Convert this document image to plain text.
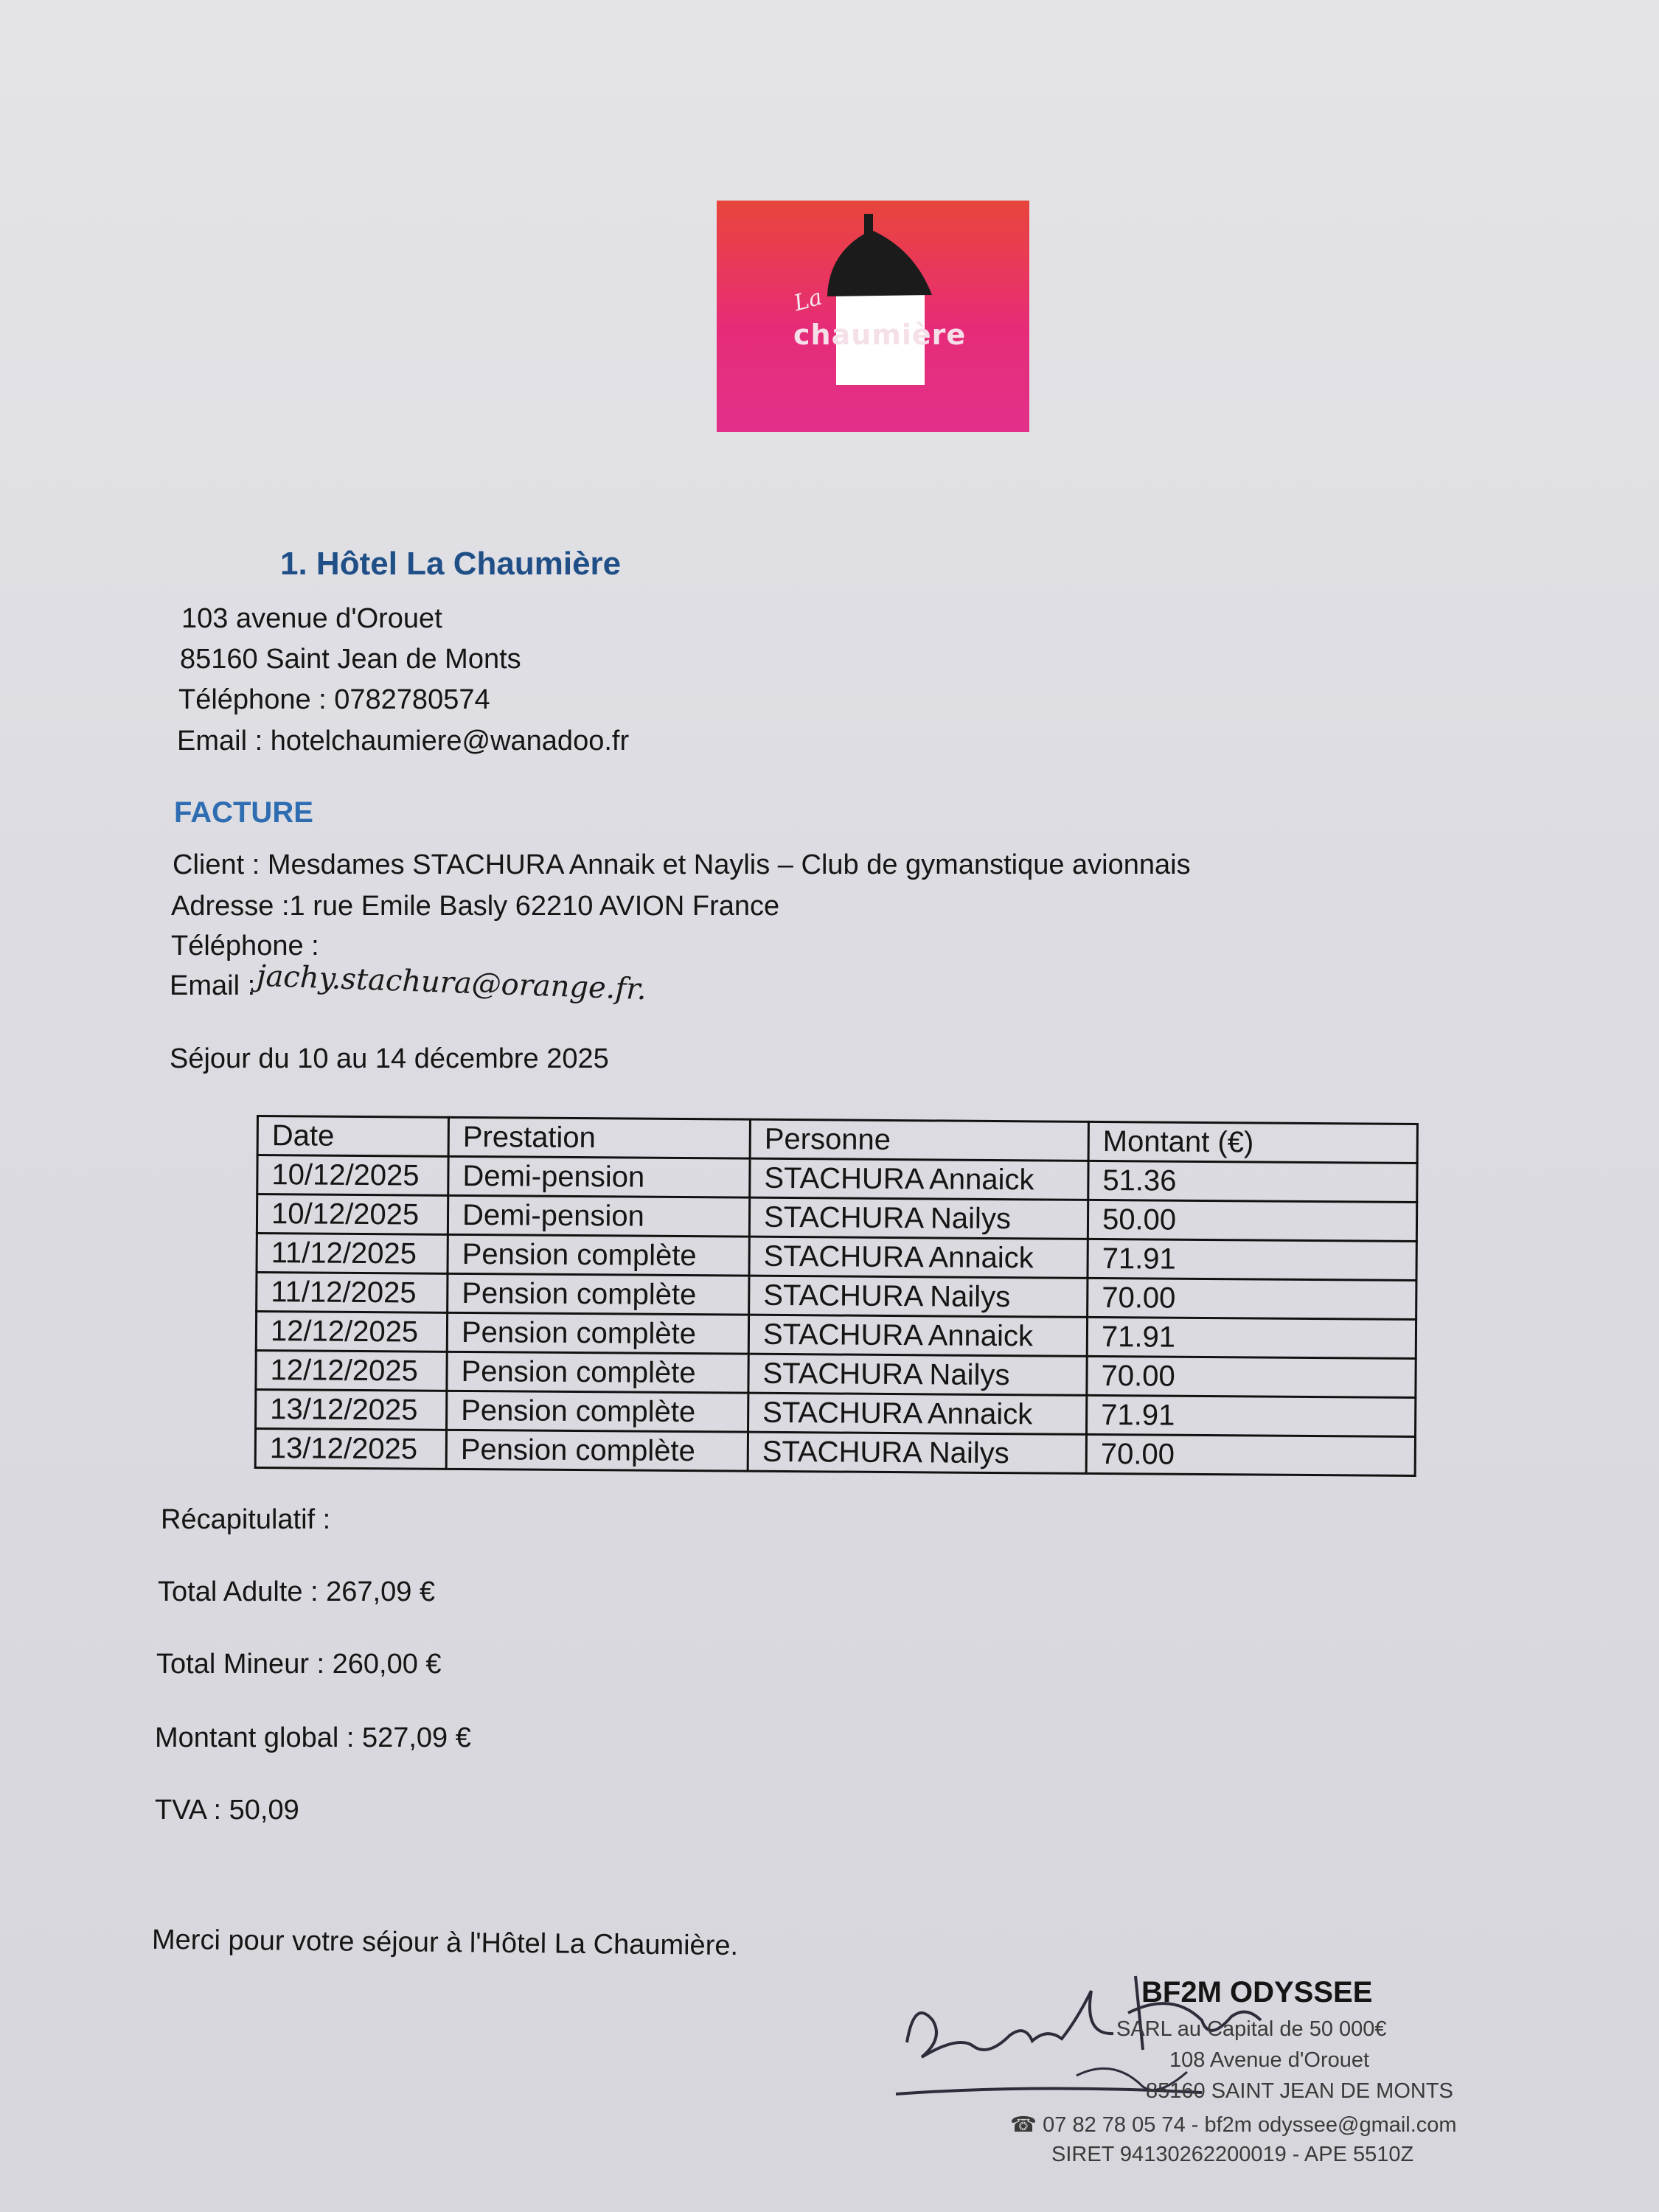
La
chaumière
1. Hôtel La Chaumière
103 avenue d'Orouet
85160 Saint Jean de Monts
Téléphone : 0782780574
Email : hotelchaumiere@wanadoo.fr
FACTURE
Client : Mesdames STACHURA Annaik et Naylis – Club de gymanstique avionnais
Adresse :1 rue Emile Basly 62210 AVION France
Téléphone :
Email : jachy.stachura@orange.fr.
Séjour du 10 au 14 décembre 2025
Date	Prestation	Personne	Montant (€)
10/12/2025	Demi-pension	STACHURA Annaick	51.36
10/12/2025	Demi-pension	STACHURA Nailys	50.00
11/12/2025	Pension complète	STACHURA Annaick	71.91
11/12/2025	Pension complète	STACHURA Nailys	70.00
12/12/2025	Pension complète	STACHURA Annaick	71.91
12/12/2025	Pension complète	STACHURA Nailys	70.00
13/12/2025	Pension complète	STACHURA Annaick	71.91
13/12/2025	Pension complète	STACHURA Nailys	70.00
Récapitulatif :
Total Adulte : 267,09 €
Total Mineur : 260,00 €
Montant global : 527,09 €
TVA : 50,09
Merci pour votre séjour à l'Hôtel La Chaumière.
BF2M ODYSSEE
SARL au Capital de 50 000€
108 Avenue d'Orouet
85160 SAINT JEAN DE MONTS
☎ 07 82 78 05 74 - bf2m odyssee@gmail.com
SIRET 94130262200019 - APE 5510Z
